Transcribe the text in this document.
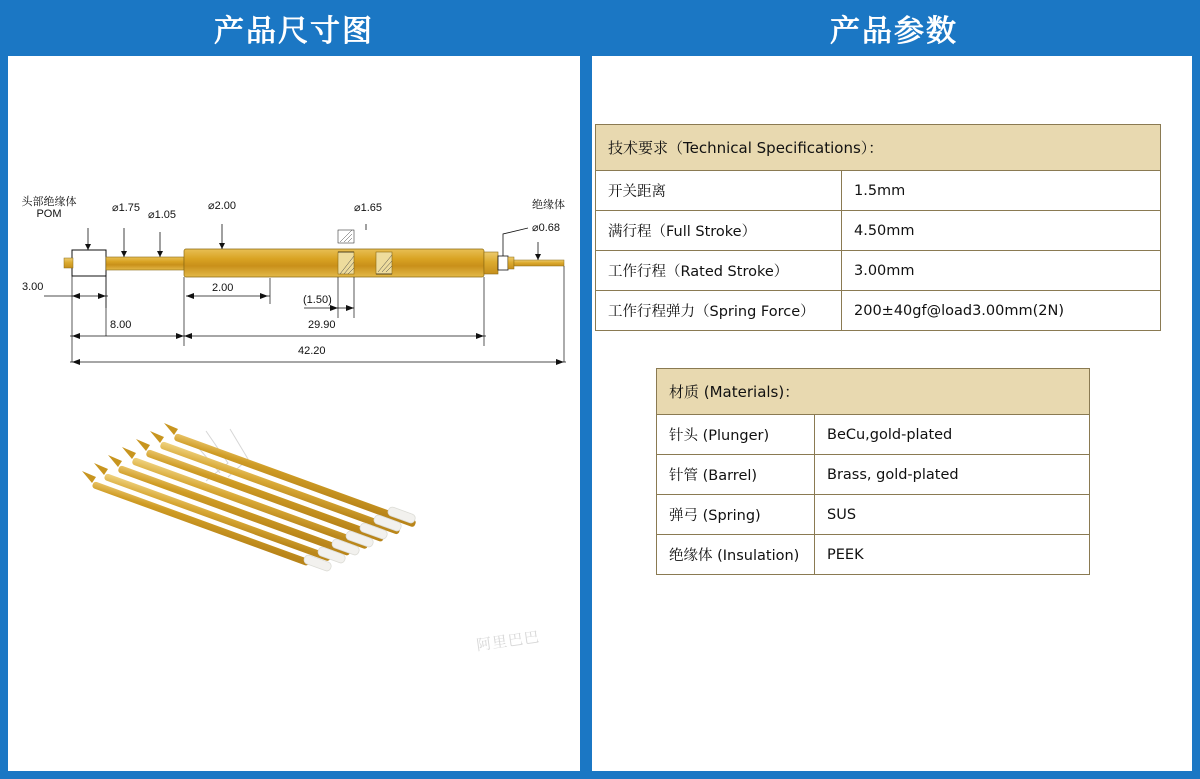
产品尺寸图
头部绝缘体
POM	⌀1.75
⌀1.05
⌀2.00	⌀1.65	绝缘体
⌀0.68
3.00	2.00
(1.50)
8.00	29.90
42.20
阿里巴巴
产品参数
技术要求（Technical Specifications）：	
开关距离	1.5mm
满行程（Full Stroke）	4.50mm
工作行程（Rated Stroke）	3.00mm
工作行程弹力（Spring Force）	200±40gf@load3.00mm(2N)
材质 (Materials)：	
针头 (Plunger)	BeCu,gold-plated
针管 (Barrel)	Brass, gold-plated
弹弓 (Spring)	SUS
绝缘体 (Insulation)	PEEK
